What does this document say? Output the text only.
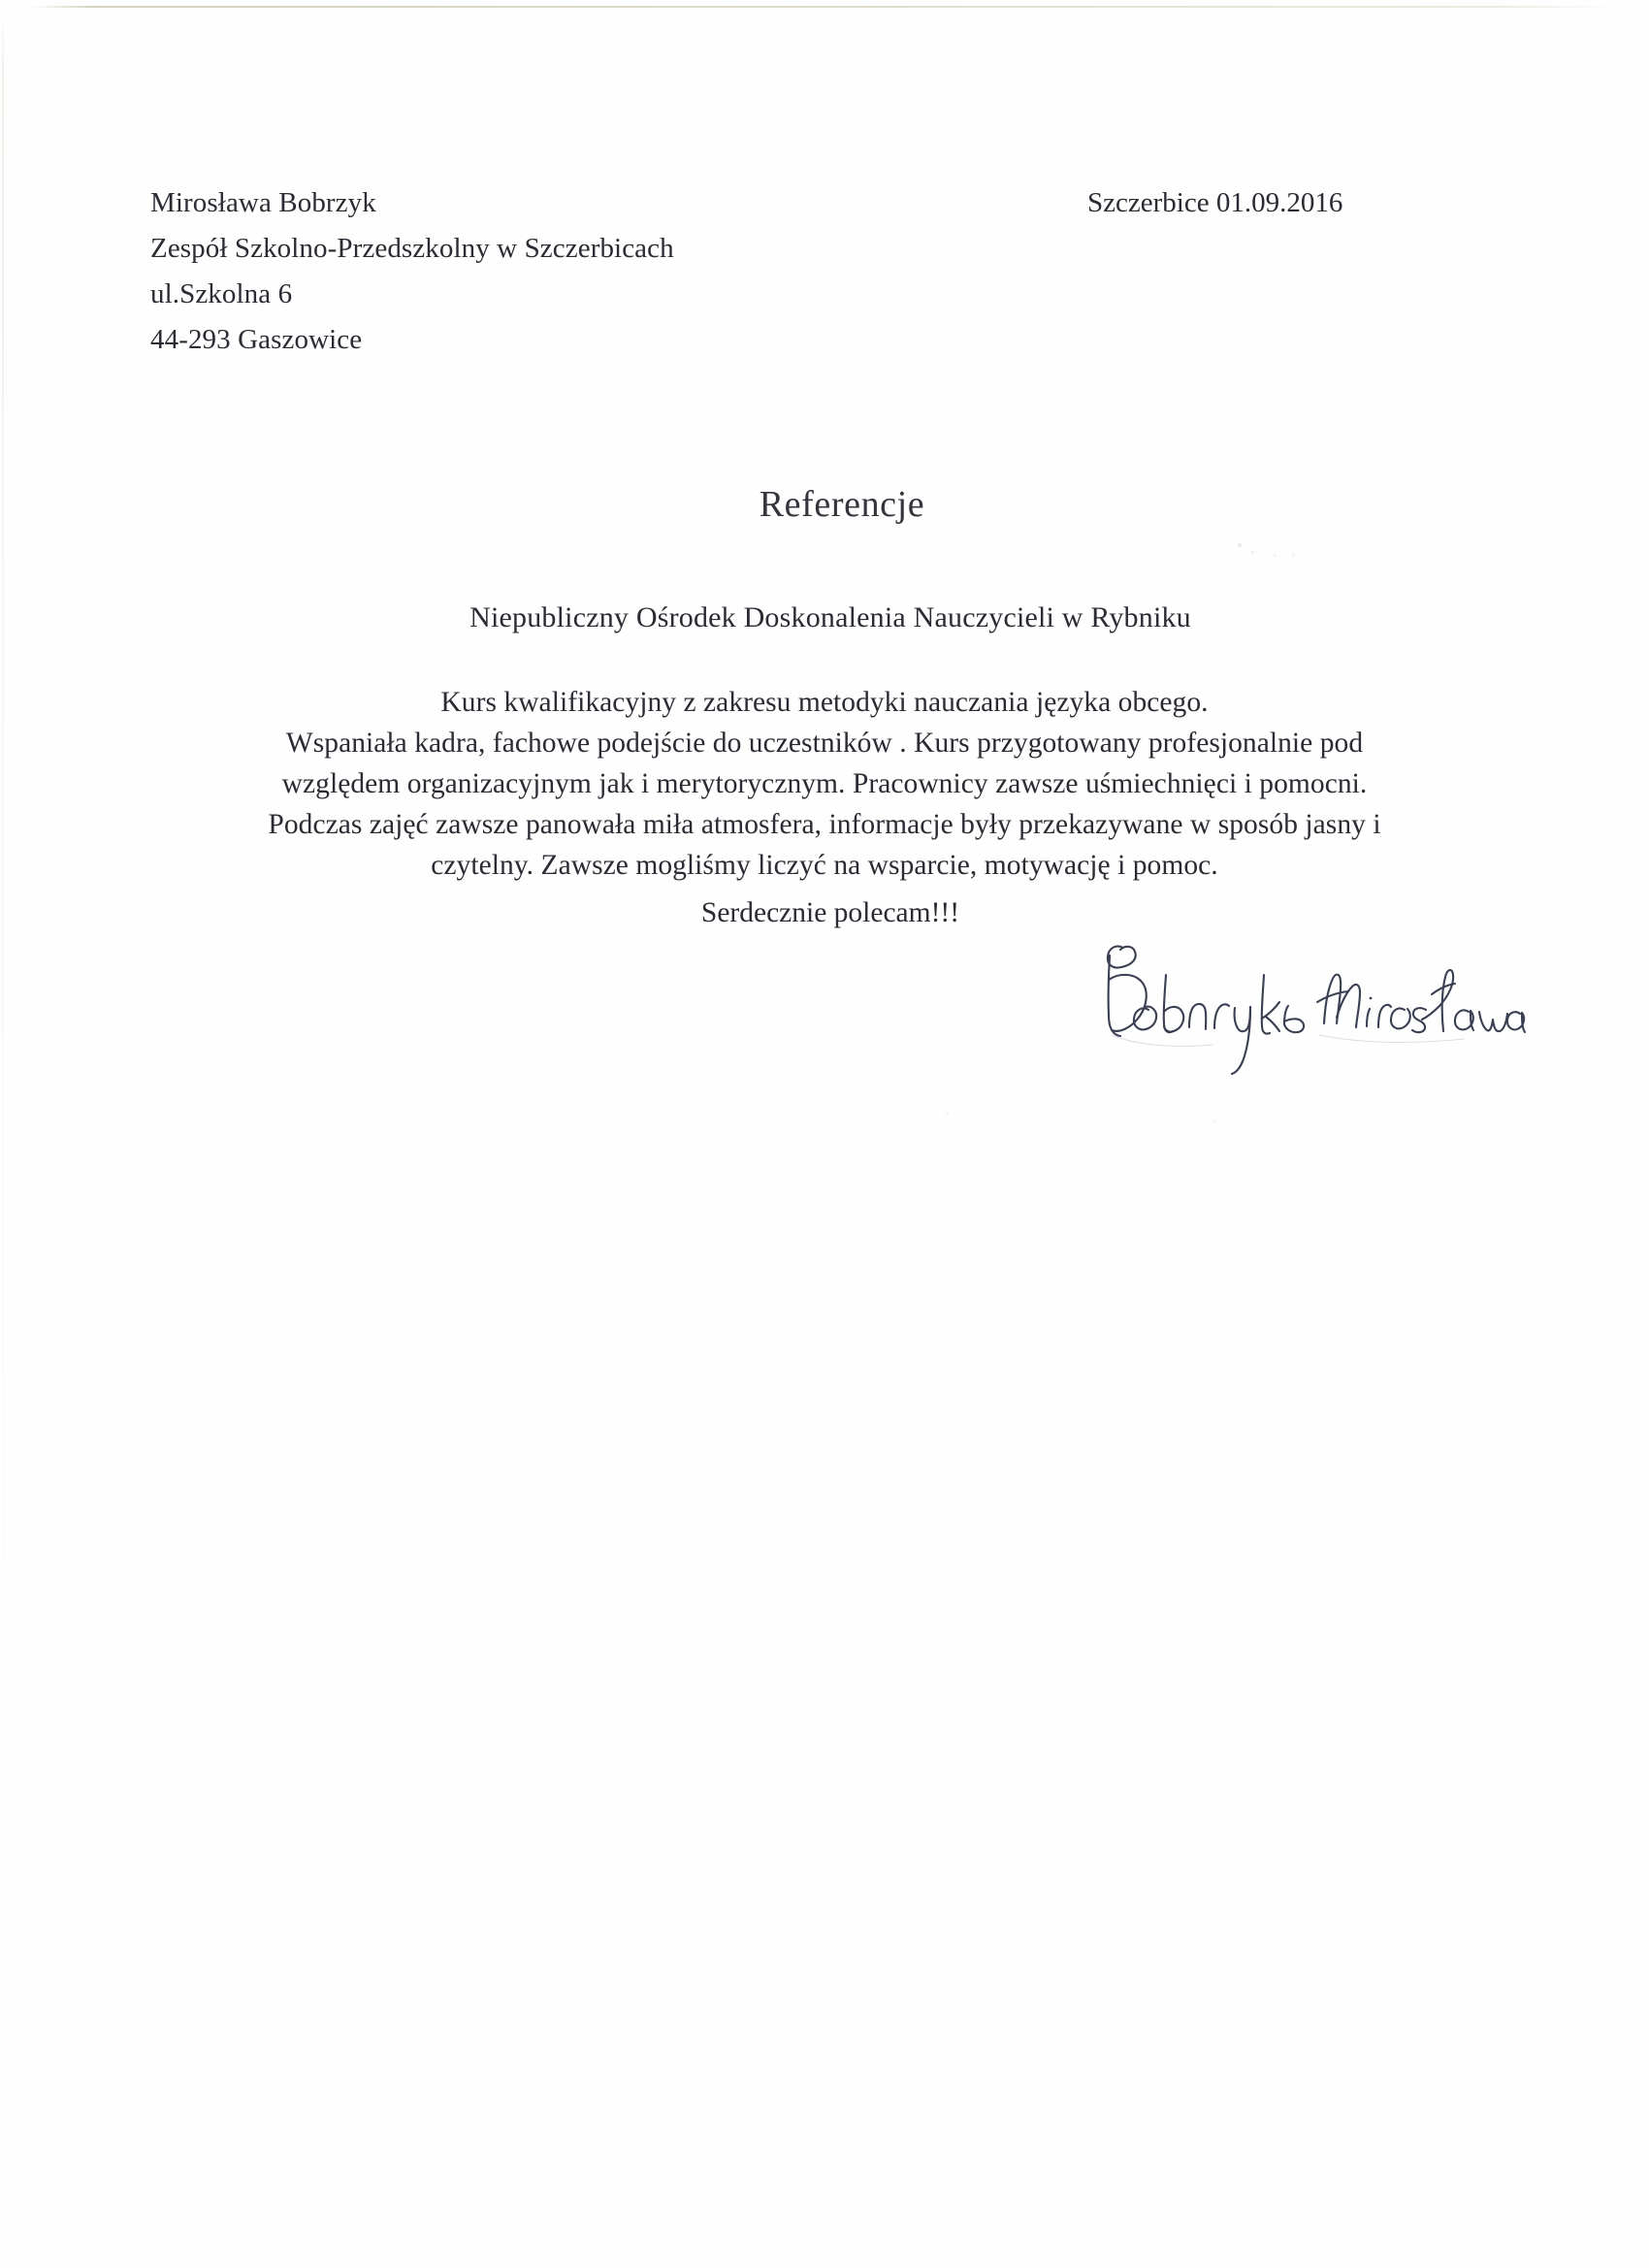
Mirosława Bobrzyk
Zespół Szkolno-Przedszkolny w Szczerbicach
ul.Szkolna 6
44-293 Gaszowice
Szczerbice 01.09.2016
Referencje
Niepubliczny Ośrodek Doskonalenia Nauczycieli w Rybniku

Kurs kwalifikacyjny z zakresu metodyki nauczania języka obcego.
Wspaniała kadra, fachowe podejście do uczestników . Kurs przygotowany profesjonalnie pod
względem organizacyjnym jak i merytorycznym. Pracownicy zawsze uśmiechnięci i pomocni.
Podczas zajęć zawsze panowała miła atmosfera, informacje były przekazywane w sposób jasny i
czytelny. Zawsze mogliśmy liczyć na wsparcie, motywację i pomoc.

Serdecznie polecam!!!
